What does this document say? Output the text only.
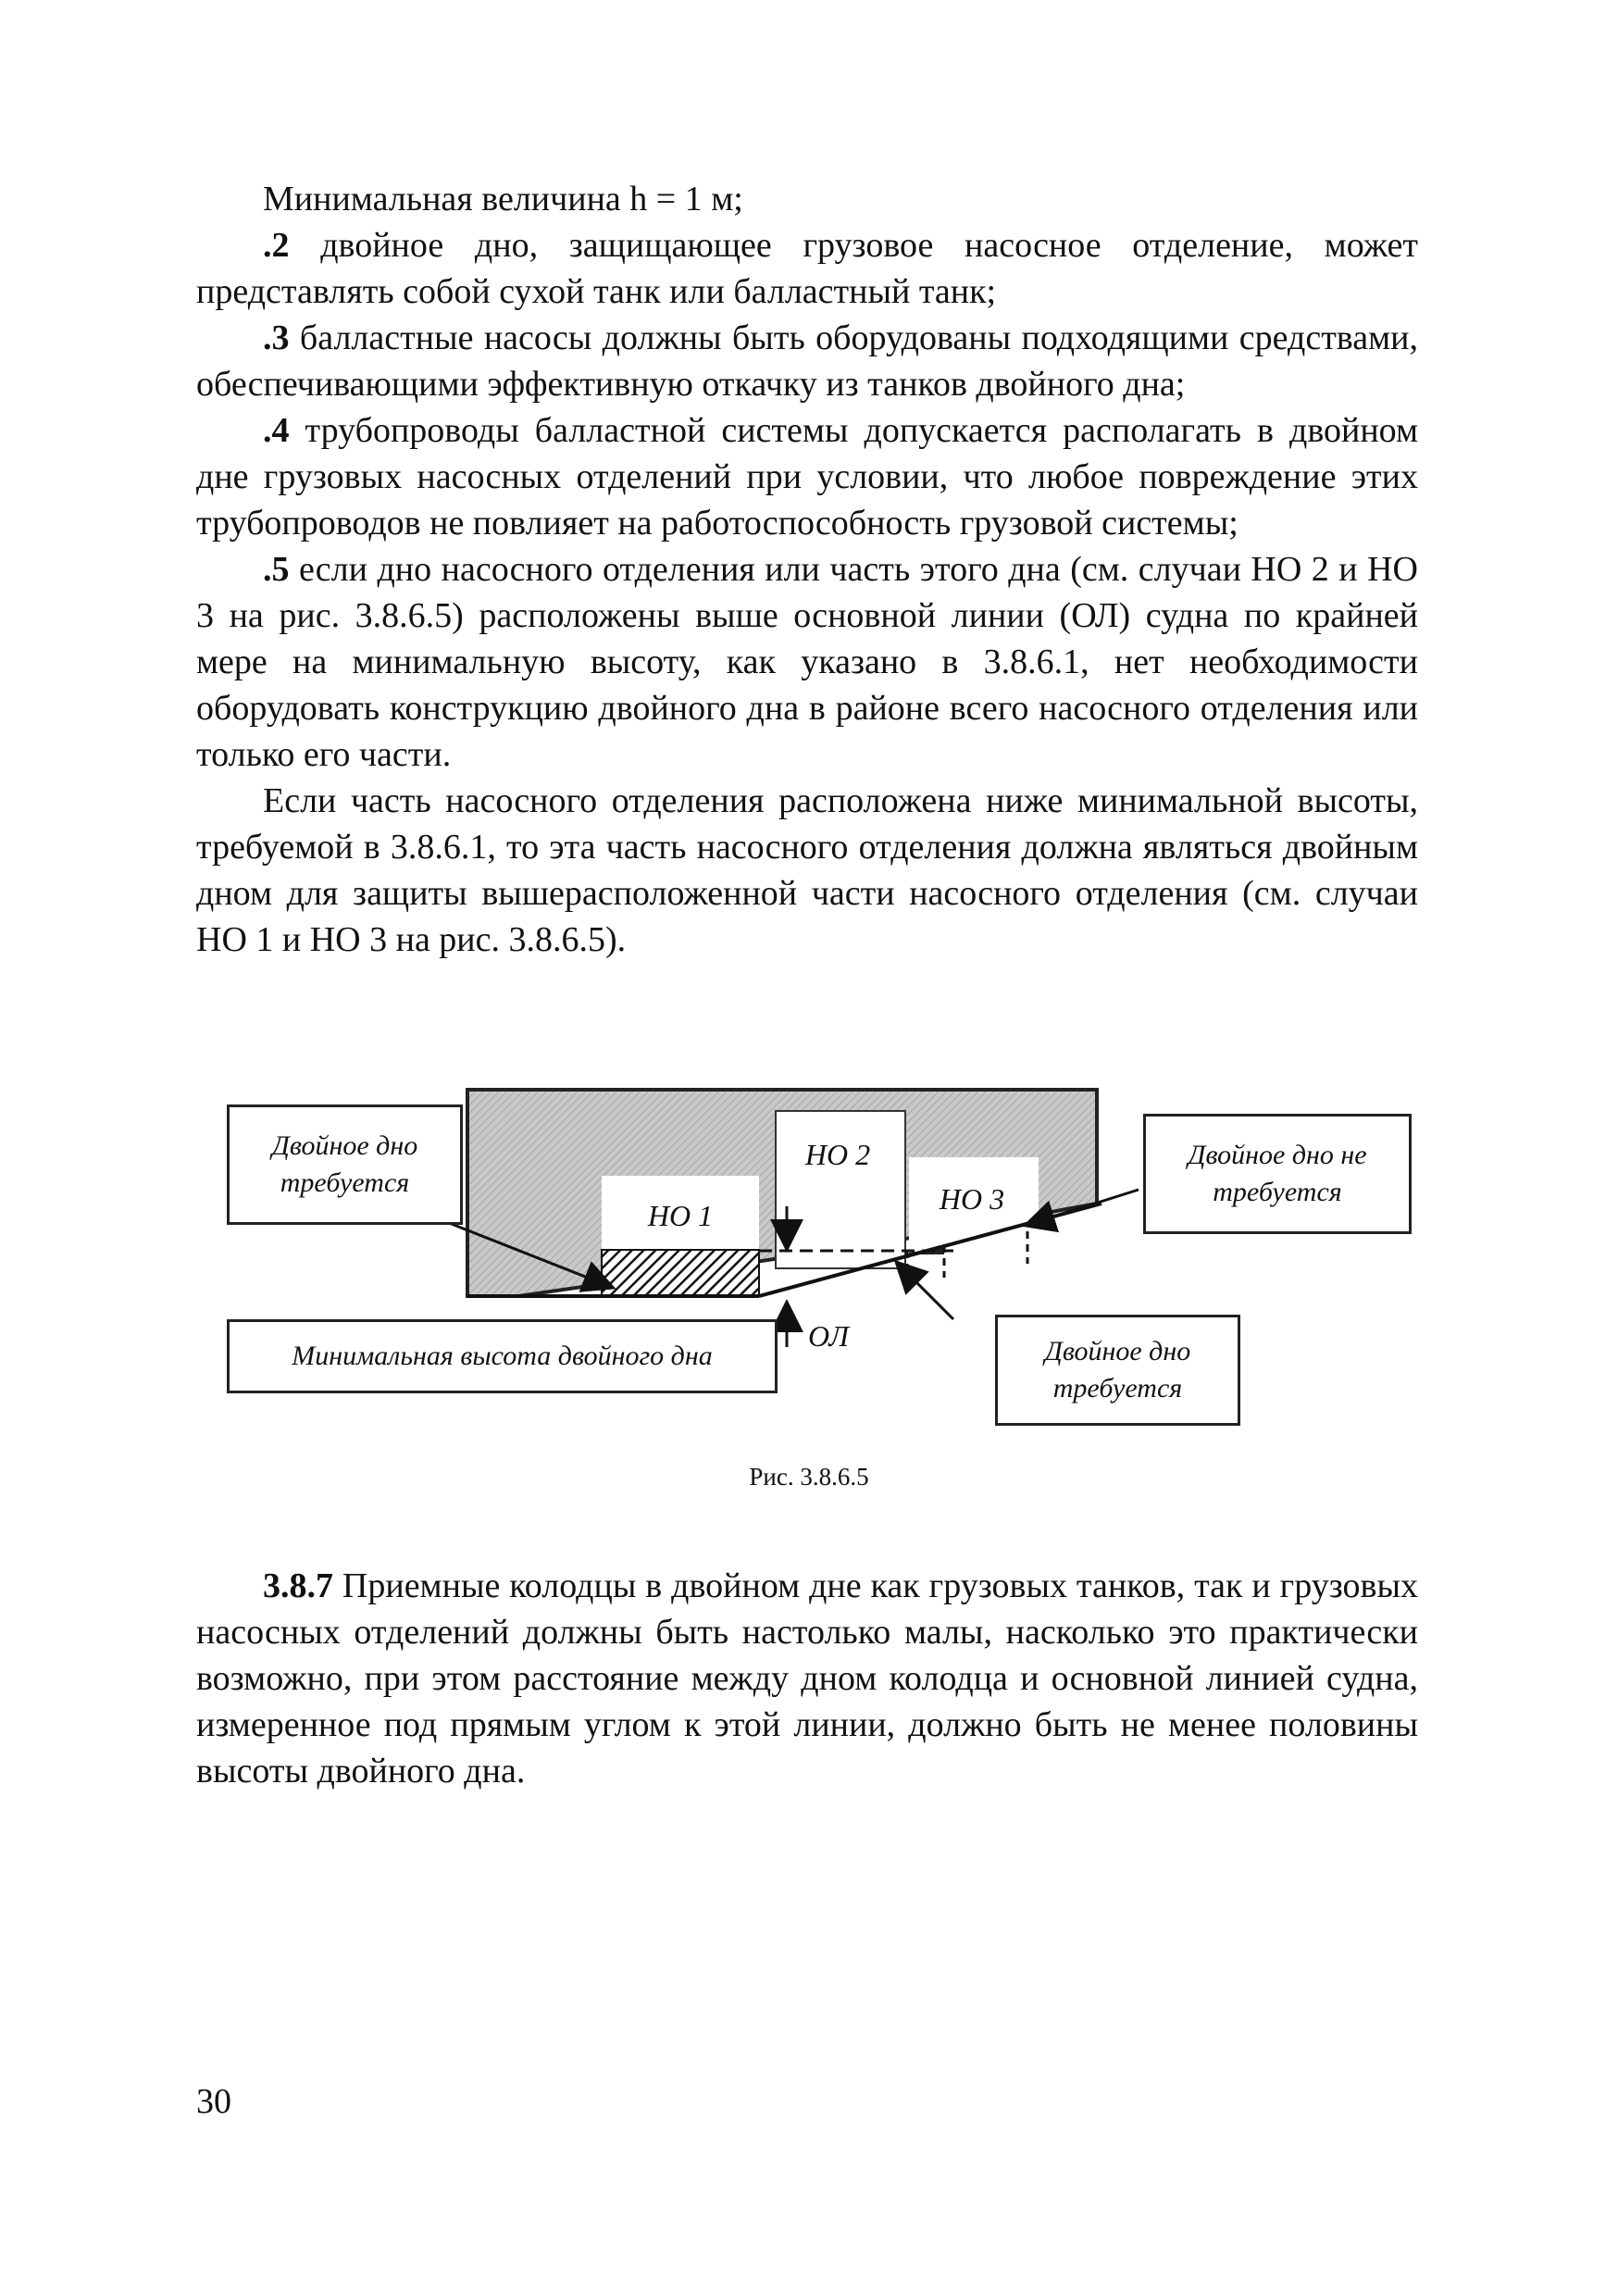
Минимальная величина h = 1 м;

.2 двойное дно, защищающее грузовое насосное отделение, может представлять собой сухой танк или балластный танк;

.3 балластные насосы должны быть оборудованы подходящими средствами, обеспечивающими эффективную откачку из танков двойного дна;

.4 трубопроводы балластной системы допускается располагать в двойном дне грузовых насосных отделений при условии, что любое повреждение этих трубопроводов не повлияет на работоспособность грузовой системы;

.5 если дно насосного отделения или часть этого дна (см. случаи НО 2 и НО 3 на рис. 3.8.6.5) расположены выше основной линии (ОЛ) судна по крайней мере на минимальную высоту, как указано в 3.8.6.1, нет необходимости оборудовать конструкцию двойного дна в районе всего насосного отделения или только его части.

Если часть насосного отделения расположена ниже минимальной высоты, требуемой в 3.8.6.1, то эта часть насосного отделения должна являться двойным дном для защиты вышерасположенной части насосного отделения (см. случаи НО 1 и НО 3 на рис. 3.8.6.5).

Двойное дно требуется
Двойное дно не требуется
Двойное дно требуется
Минимальная высота двойного дна
НО 1
НО 2
НО 3
ОЛ
Рис. 3.8.6.5

3.8.7 Приемные колодцы в двойном дне как грузовых танков, так и грузовых насосных отделений должны быть настолько малы, насколько это практически возможно, при этом расстояние между дном колодца и основной линией судна, измеренное под прямым углом к этой линии, должно быть не менее половины высоты двойного дна.

30
